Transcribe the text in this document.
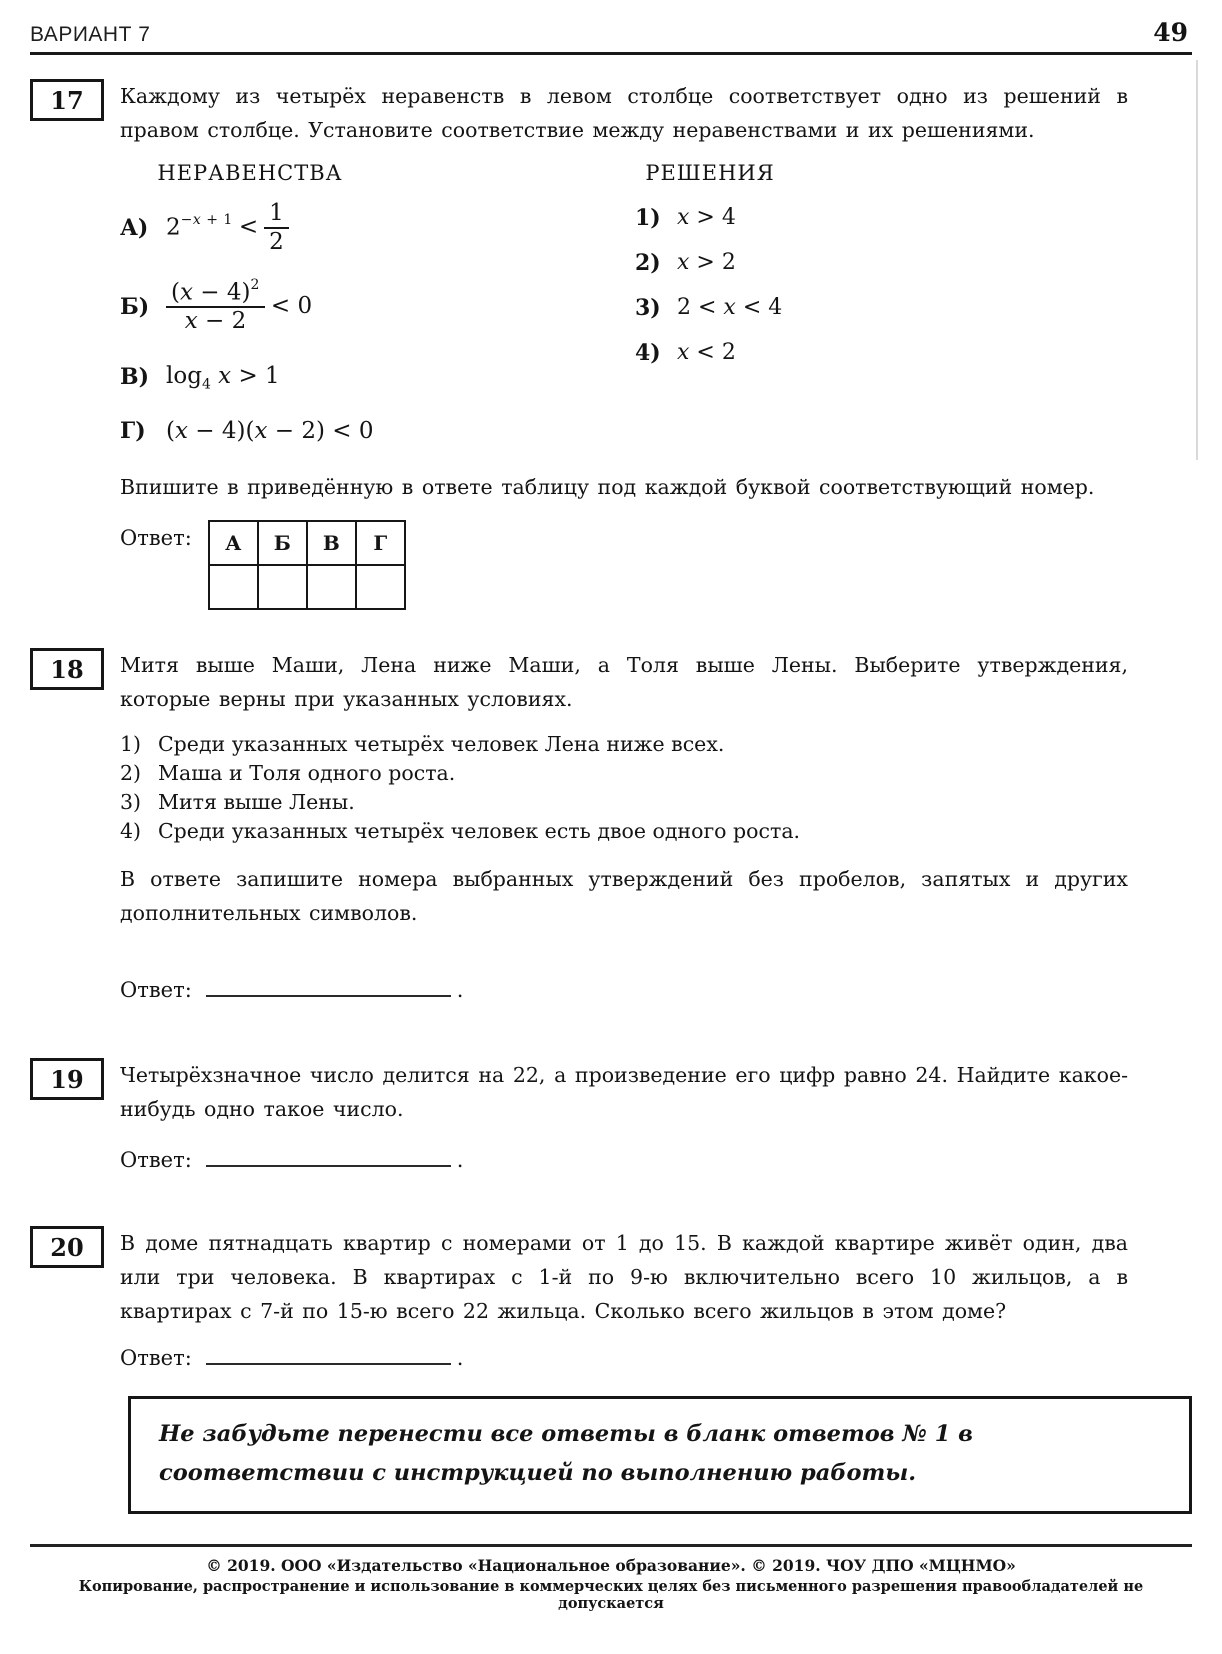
ВАРИАНТ 7	49
17	Каждому из четырёх неравенств в левом столбце соответствует одно из решений в правом столбце. Установите соответствие между неравенствами и их решениями.

НЕРАВЕНСТВА
А) $2^{-x + 1} < \frac{1}{2}$
$Б) \frac{(x - 4)^2}{x - 2} < 0$
В) $\log_4 x > 1$
Г) (x − 4)(x − 2) < 0
РЕШЕНИЯ
1) x > 4
2) x > 2
3) 2 < x < 4
4) x < 2

Впишите в приведённую в ответе таблицу под каждой буквой соответствующий номер.

Ответ: А	Б	В	Г

18	Митя выше Маши, Лена ниже Маши, а Толя выше Лены. Выберите утверждения, которые верны при указанных условиях.

1) Среди указанных четырёх человек Лена ниже всех.
2) Маша и Толя одного роста.
3) Митя выше Лены.
4) Среди указанных четырёх человек есть двое одного роста.

В ответе запишите номера выбранных утверждений без пробелов, запятых и других дополнительных символов.

Ответ:	.
19	Четырёхзначное число делится на 22, а произведение его цифр равно 24. Найдите какое-нибудь одно такое число.

Ответ:	.
20	В доме пятнадцать квартир с номерами от 1 до 15. В каждой квартире живёт один, два или три человека. В квартирах с 1-й по 9-ю включительно всего 10 жильцов, а в квартирах с 7-й по 15-ю всего 22 жильца. Сколько всего жильцов в этом доме?

Ответ:	.

Не забудьте перенести все ответы в бланк ответов № 1 в соответствии с инструкцией по выполнению работы.

© 2019. ООО «Издательство «Национальное образование». © 2019. ЧОУ ДПО «МЦНМО»
Копирование, распространение и использование в коммерческих целях без письменного разрешения правообладателей не допускается
